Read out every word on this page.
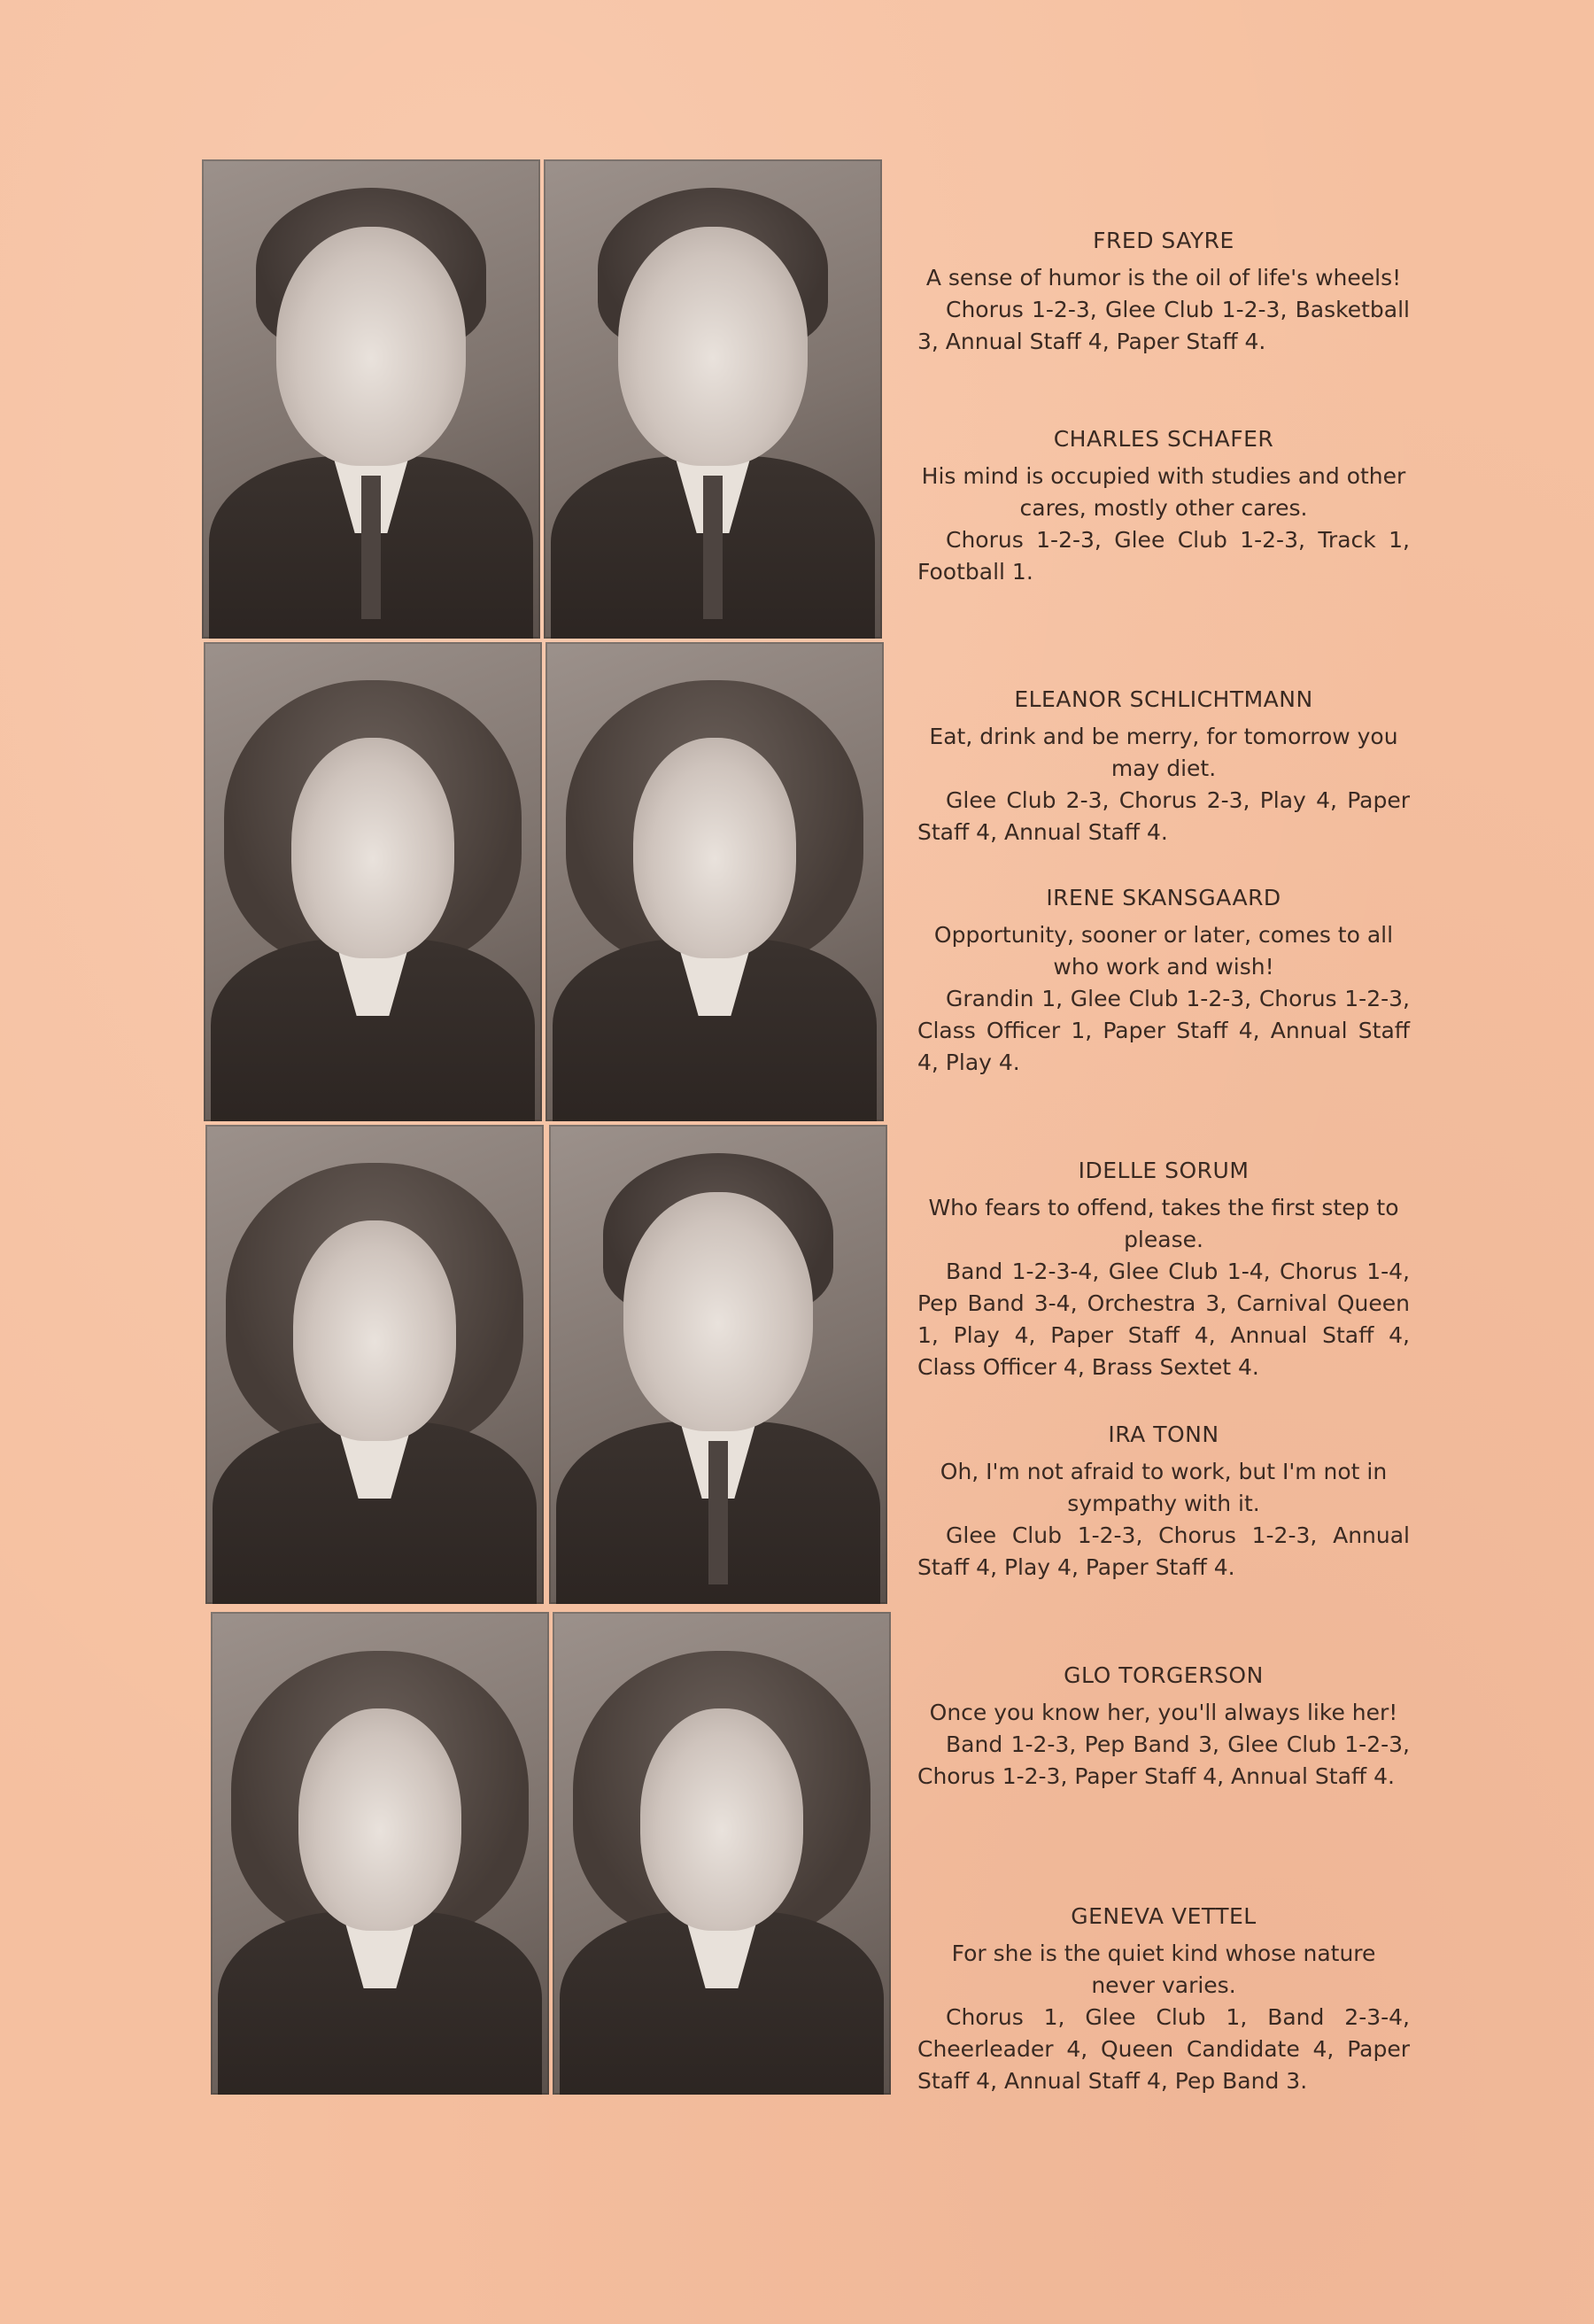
FRED SAYRE

A sense of humor is the oil of life's wheels!

Chorus 1-2-3, Glee Club 1-2-3, Basketball 3, Annual Staff 4, Paper Staff 4.

CHARLES SCHAFER

His mind is occupied with studies and other cares, mostly other cares.

Chorus 1-2-3, Glee Club 1-2-3, Track 1, Football 1.

ELEANOR SCHLICHTMANN

Eat, drink and be merry, for tomorrow you may diet.

Glee Club 2-3, Chorus 2-3, Play 4, Paper Staff 4, Annual Staff 4.

IRENE SKANSGAARD

Opportunity, sooner or later, comes to all who work and wish!

Grandin 1, Glee Club 1-2-3, Chorus 1-2-3, Class Officer 1, Paper Staff 4, Annual Staff 4, Play 4.

IDELLE SORUM

Who fears to offend, takes the first step to please.

Band 1-2-3-4, Glee Club 1-4, Chorus 1-4, Pep Band 3-4, Orchestra 3, Carnival Queen 1, Play 4, Paper Staff 4, Annual Staff 4, Class Officer 4, Brass Sextet 4.

IRA TONN

Oh, I'm not afraid to work, but I'm not in sympathy with it.

Glee Club 1-2-3, Chorus 1-2-3, Annual Staff 4, Play 4, Paper Staff 4.

GLO TORGERSON

Once you know her, you'll always like her!

Band 1-2-3, Pep Band 3, Glee Club 1-2-3, Chorus 1-2-3, Paper Staff 4, Annual Staff 4.

GENEVA VETTEL

For she is the quiet kind whose nature never varies.

Chorus 1, Glee Club 1, Band 2-3-4, Cheerleader 4, Queen Candidate 4, Paper Staff 4, Annual Staff 4, Pep Band 3.
